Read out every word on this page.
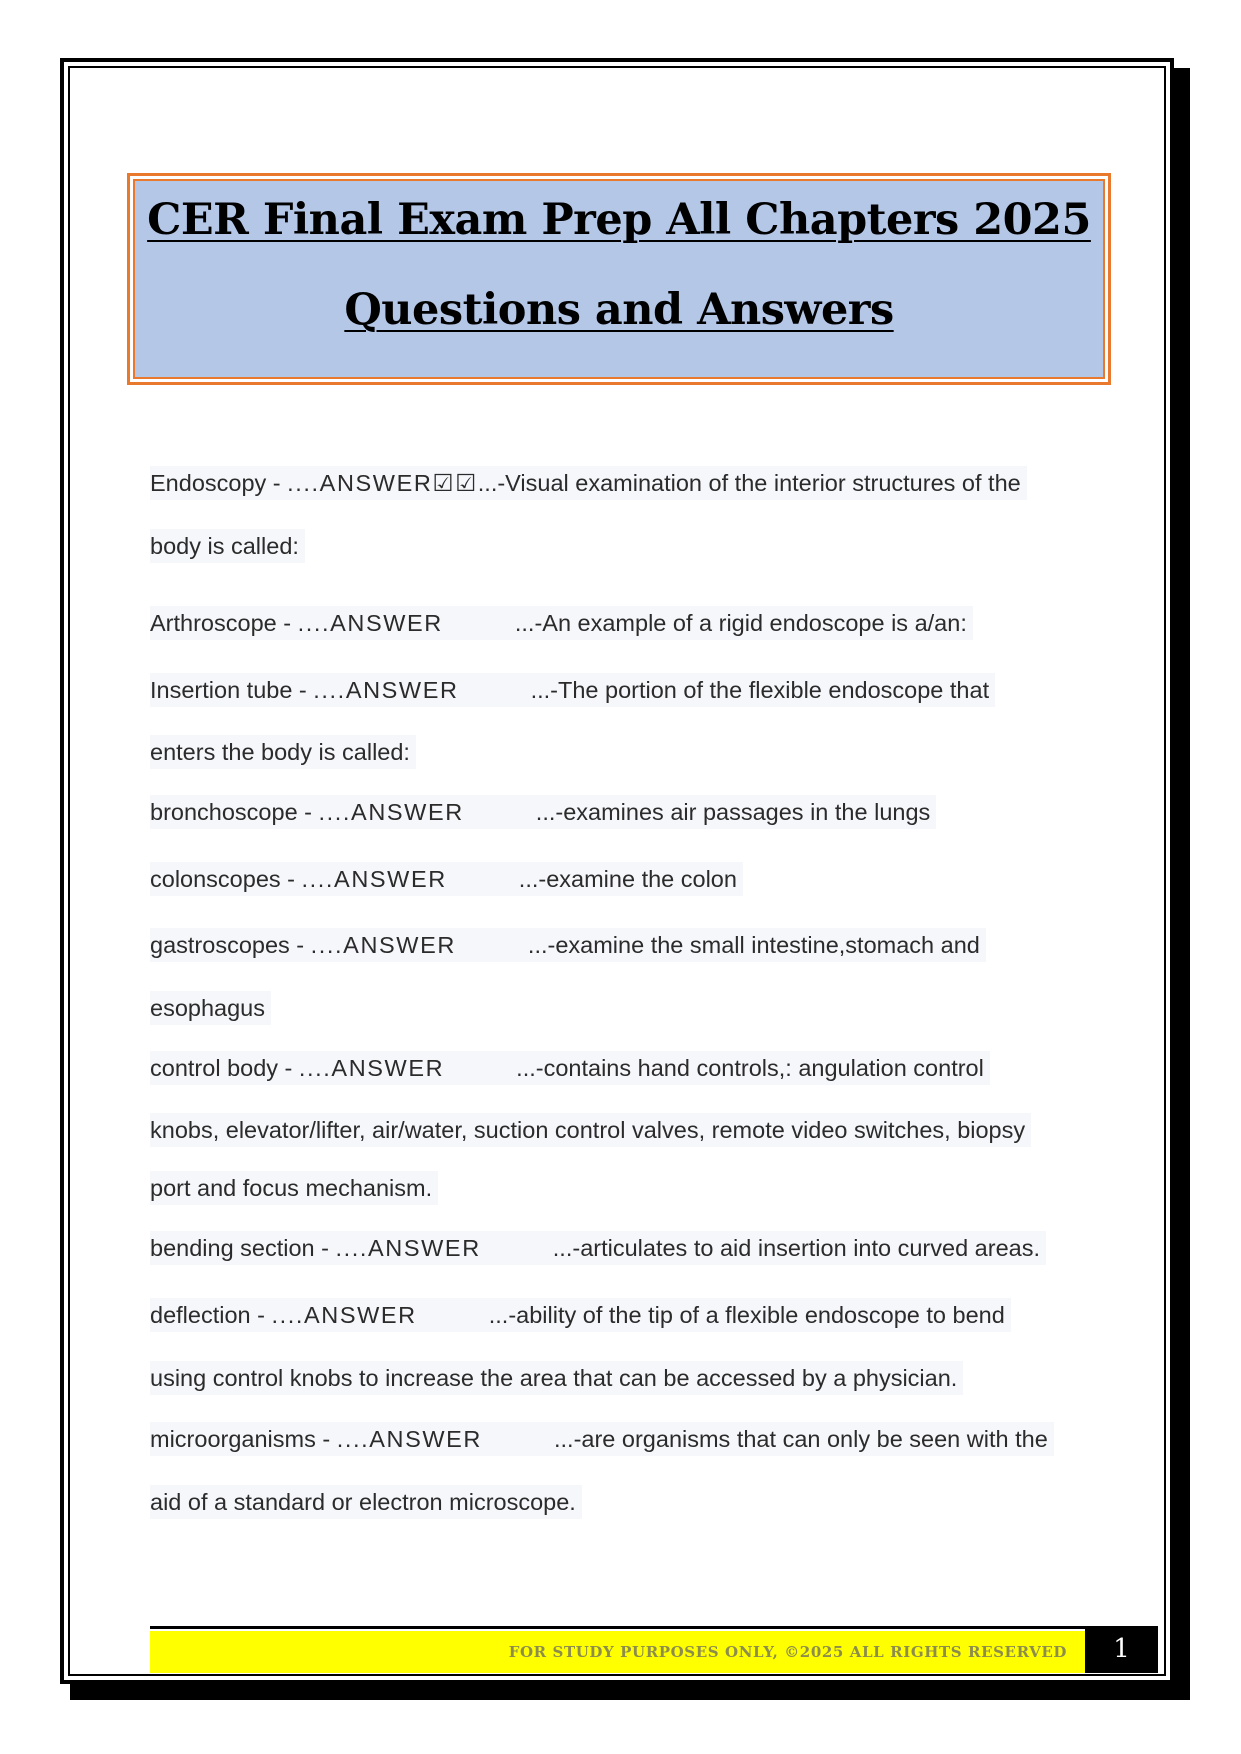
CER Final Exam Prep All Chapters 2025
Questions and Answers
Endoscopy - ....ANSWER☑☑...-Visual examination of the interior structures of the
body is called:
Arthroscope - ....ANSWER	...-An example of a rigid endoscope is a/an:
Insertion tube - ....ANSWER	...-The portion of the flexible endoscope that
enters the body is called:
bronchoscope - ....ANSWER	...-examines air passages in the lungs
colonscopes - ....ANSWER	...-examine the colon
gastroscopes - ....ANSWER	...-examine the small intestine,stomach and
esophagus
control body - ....ANSWER	...-contains hand controls,: angulation control
knobs, elevator/lifter, air/water, suction control valves, remote video switches, biopsy
port and focus mechanism.
bending section - ....ANSWER	...-articulates to aid insertion into curved areas.
deflection - ....ANSWER	...-ability of the tip of a flexible endoscope to bend
using control knobs to increase the area that can be accessed by a physician.
microorganisms - ....ANSWER	...-are organisms that can only be seen with the
aid of a standard or electron microscope.
FOR STUDY PURPOSES ONLY, ©2025 ALL RIGHTS RESERVED	1
